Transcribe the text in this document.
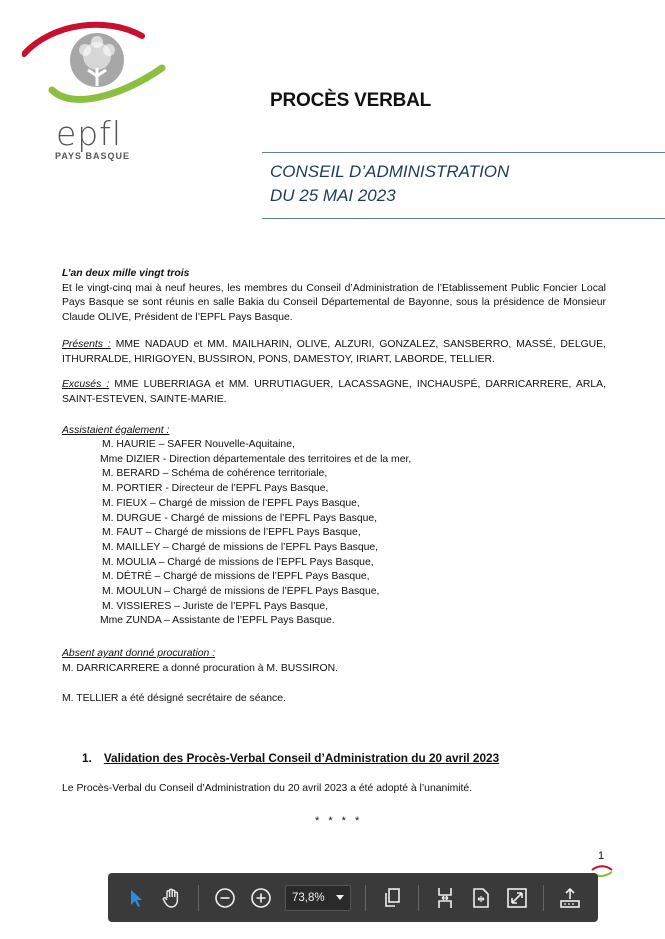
epfl
PAYS BASQUE
PROCÈS VERBAL
CONSEIL D’ADMINISTRATION
DU 25 MAI 2023
L’an deux mille vingt trois
Et le vingt-cinq mai à neuf heures, les membres du Conseil d’Administration de l’Etablissement Public Foncier Local Pays Basque se sont réunis en salle Bakia du Conseil Départemental de Bayonne, sous la présidence de Monsieur Claude OLIVE, Président de l’EPFL Pays Basque.
Présents : MME NADAUD et MM. MAILHARIN, OLIVE, ALZURI, GONZALEZ, SANSBERRO, MASSÉ, DELGUE, ITHURRALDE, HIRIGOYEN, BUSSIRON, PONS, DAMESTOY, IRIART, LABORDE, TELLIER.
Excusés : MME LUBERRIAGA et MM. URRUTIAGUER, LACASSAGNE, INCHAUSPÉ, DARRICARRERE, ARLA, SAINT-ESTEVEN, SAINTE-MARIE.
Assistaient également :
M. HAURIE – SAFER Nouvelle-Aquitaine,
Mme DIZIER - Direction départementale des territoires et de la mer,
M. BERARD – Schéma de cohérence territoriale,
M. PORTIER - Directeur de l’EPFL Pays Basque,
M. FIEUX – Chargé de mission de l’EPFL Pays Basque,
M. DURGUE - Chargé de missions de l’EPFL Pays Basque,
M. FAUT – Chargé de missions de l’EPFL Pays Basque,
M. MAILLEY – Chargé de missions de l’EPFL Pays Basque,
M. MOULIA – Chargé de missions de l’EPFL Pays Basque,
M. DÉTRÉ – Chargé de missions de l’EPFL Pays Basque,
M. MOULUN – Chargé de missions de l’EPFL Pays Basque,
M. VISSIERES – Juriste de l’EPFL Pays Basque,
Mme ZUNDA – Assistante de l’EPFL Pays Basque.
Absent ayant donné procuration :
M. DARRICARRERE a donné procuration à M. BUSSIRON.
M. TELLIER a été désigné secrétaire de séance.
1. Validation des Procès-Verbal Conseil d’Administration du 20 avril 2023
Le Procès-Verbal du Conseil d’Administration du 20 avril 2023 a été adopté à l’unanimité.
* * * *
1
73,8%
